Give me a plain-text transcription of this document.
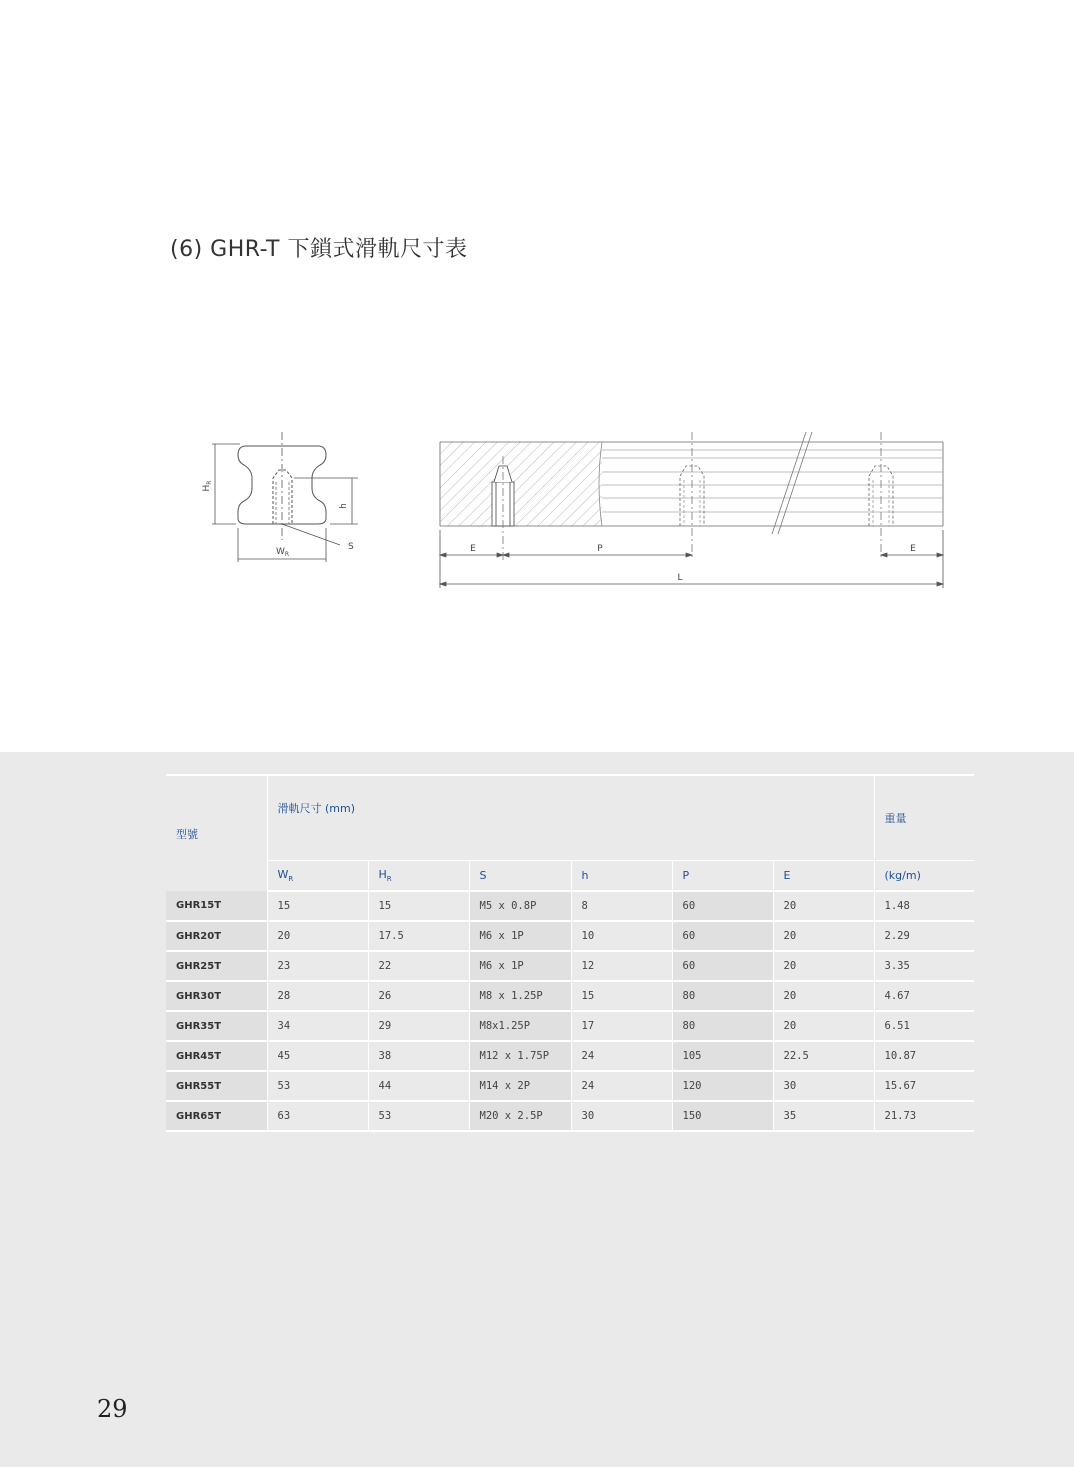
(6) GHR-T 下鎖式滑軌尺寸表
$H_R$
h
S
$W_R$
E	P	E
L
型號	滑軌尺寸 (mm)						重量
	$W_R$	$H_R$	S	h	P	E	(kg/m)
GHR15T	15	15	M5 x 0.8P	8	60	20	1.48
GHR20T	20	17.5	M6 x 1P	10	60	20	2.29
GHR25T	23	22	M6 x 1P	12	60	20	3.35
GHR30T	28	26	M8 x 1.25P	15	80	20	4.67
GHR35T	34	29	M8x1.25P	17	80	20	6.51
GHR45T	45	38	M12 x 1.75P	24	105	22.5	10.87
GHR55T	53	44	M14 x 2P	24	120	30	15.67
GHR65T	63	53	M20 x 2.5P	30	150	35	21.73
29
